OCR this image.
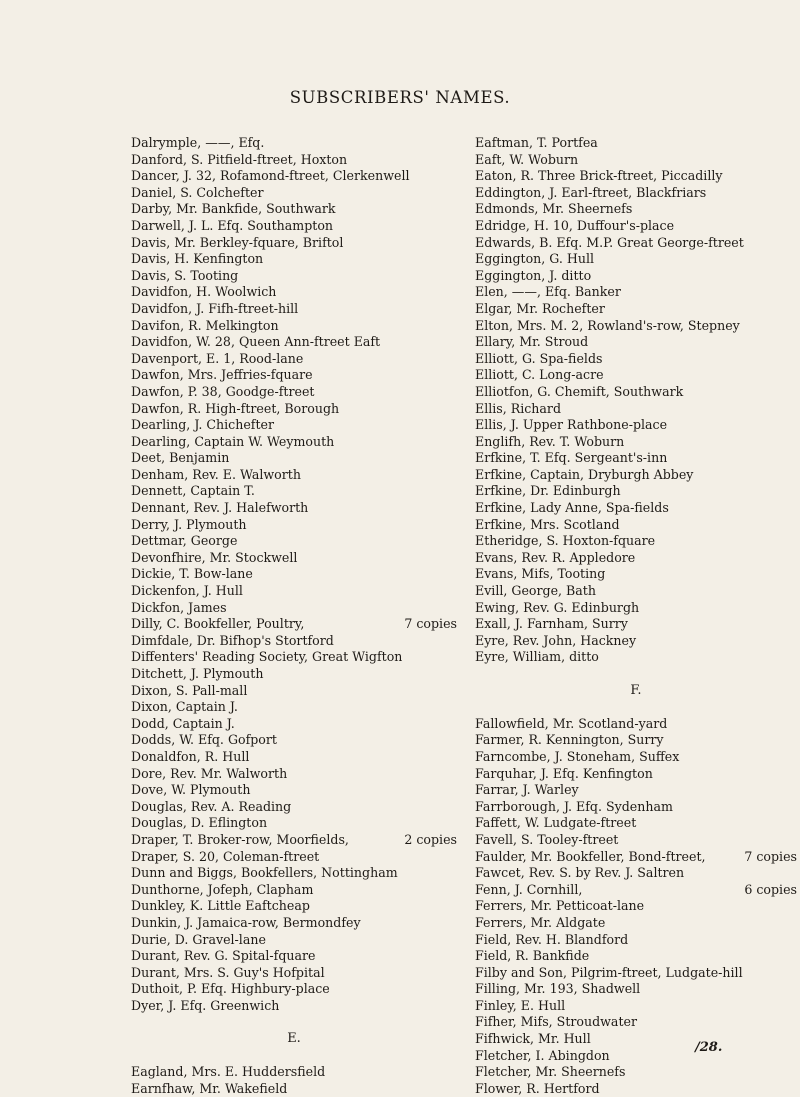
SUBSCRIBERS' NAMES.
Dalrymple, ——, Efq.
Danford, S. Pitfield-ftreet, Hoxton
Dancer, J. 32, Rofamond-ftreet, Clerkenwell
Daniel, S. Colchefter
Darby, Mr. Bankfide, Southwark
Darwell, J. L. Efq. Southampton
Davis, Mr. Berkley-fquare, Briftol
Davis, H. Kenfington
Davis, S. Tooting
Davidfon, H. Woolwich
Davidfon, J. Fifh-ftreet-hill
Davifon, R. Melkington
Davidfon, W. 28, Queen Ann-ftreet Eaft
Davenport, E. 1, Rood-lane
Dawfon, Mrs. Jeffries-fquare
Dawfon, P. 38, Goodge-ftreet
Dawfon, R. High-ftreet, Borough
Dearling, J. Chichefter
Dearling, Captain W. Weymouth
Deet, Benjamin
Denham, Rev. E. Walworth
Dennett, Captain T.
Dennant, Rev. J. Halefworth
Derry, J. Plymouth
Dettmar, George
Devonfhire, Mr. Stockwell
Dickie, T. Bow-lane
Dickenfon, J. Hull
Dickfon, James
Dilly, C. Bookfeller, Poultry,	7 copies
Dimfdale, Dr. Bifhop's Stortford
Diffenters' Reading Society, Great Wigfton
Ditchett, J. Plymouth
Dixon, S. Pall-mall
Dixon, Captain J.
Dodd, Captain J.
Dodds, W. Efq. Gofport
Donaldfon, R. Hull
Dore, Rev. Mr. Walworth
Dove, W. Plymouth
Douglas, Rev. A. Reading
Douglas, D. Eflington
Draper, T. Broker-row, Moorfields,	2 copies
Draper, S. 20, Coleman-ftreet
Dunn and Biggs, Bookfellers, Nottingham
Dunthorne, Jofeph, Clapham
Dunkley, K. Little Eaftcheap
Dunkin, J. Jamaica-row, Bermondfey
Durie, D. Gravel-lane
Durant, Rev. G. Spital-fquare
Durant, Mrs. S. Guy's Hofpital
Duthoit, P. Efq. Highbury-place
Dyer, J. Efq. Greenwich
E.
Eagland, Mrs. E. Huddersfield
Earnfhaw, Mr. Wakefield
Eaftman, T. Portfea
Eaft, W. Woburn
Eaton, R. Three Brick-ftreet, Piccadilly
Eddington, J. Earl-ftreet, Blackfriars
Edmonds, Mr. Sheernefs
Edridge, H. 10, Duffour's-place
Edwards, B. Efq. M.P. Great George-ftreet
Eggington, G. Hull
Eggington, J. ditto
Elen, ——, Efq. Banker
Elgar, Mr. Rochefter
Elton, Mrs. M. 2, Rowland's-row, Stepney
Ellary, Mr. Stroud
Elliott, G. Spa-fields
Elliott, C. Long-acre
Elliotfon, G. Chemift, Southwark
Ellis, Richard
Ellis, J. Upper Rathbone-place
Englifh, Rev. T. Woburn
Erfkine, T. Efq. Sergeant's-inn
Erfkine, Captain, Dryburgh Abbey
Erfkine, Dr. Edinburgh
Erfkine, Lady Anne, Spa-fields
Erfkine, Mrs. Scotland
Etheridge, S. Hoxton-fquare
Evans, Rev. R. Appledore
Evans, Mifs, Tooting
Evill, George, Bath
Ewing, Rev. G. Edinburgh
Exall, J. Farnham, Surry
Eyre, Rev. John, Hackney
Eyre, William, ditto
F.
Fallowfield, Mr. Scotland-yard
Farmer, R. Kennington, Surry
Farncombe, J. Stoneham, Suffex
Farquhar, J. Efq. Kenfington
Farrar, J. Warley
Farrborough, J. Efq. Sydenham
Faffett, W. Ludgate-ftreet
Favell, S. Tooley-ftreet
Faulder, Mr. Bookfeller, Bond-ftreet,	7 copies
Fawcet, Rev. S. by Rev. J. Saltren
Fenn, J. Cornhill,	6 copies
Ferrers, Mr. Petticoat-lane
Ferrers, Mr. Aldgate
Field, Rev. H. Blandford
Field, R. Bankfide
Filby and Son, Pilgrim-ftreet, Ludgate-hill
Filling, Mr. 193, Shadwell
Finley, E. Hull
Fifher, Mifs, Stroudwater
Fifhwick, Mr. Hull
Fletcher, I. Abingdon
Fletcher, Mr. Sheernefs
Flower, R. Hertford
/28.
